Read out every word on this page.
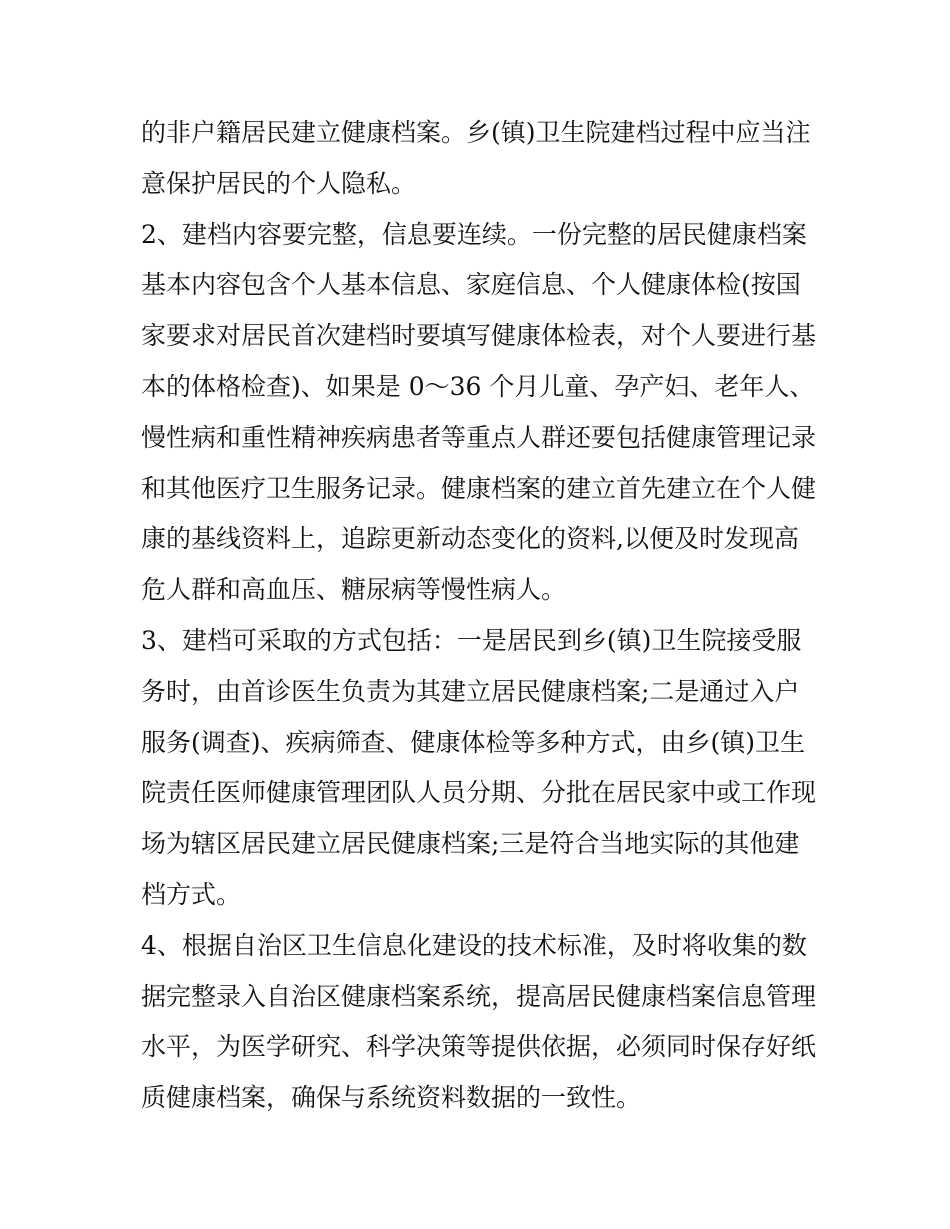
的非户籍居民建立健康档案。乡(镇)卫生院建档过程中应当注
意保护居民的个人隐私。
2、建档内容要完整，信息要连续。一份完整的居民健康档案
基本内容包含个人基本信息、家庭信息、个人健康体检(按国
家要求对居民首次建档时要填写健康体检表，对个人要进行基
本的体格检查)、如果是 0～36 个月儿童、孕产妇、老年人、
慢性病和重性精神疾病患者等重点人群还要包括健康管理记录
和其他医疗卫生服务记录。健康档案的建立首先建立在个人健
康的基线资料上，追踪更新动态变化的资料,以便及时发现高
危人群和高血压、糖尿病等慢性病人。
3、建档可采取的方式包括：一是居民到乡(镇)卫生院接受服
务时，由首诊医生负责为其建立居民健康档案;二是通过入户
服务(调查)、疾病筛查、健康体检等多种方式，由乡(镇)卫生
院责任医师健康管理团队人员分期、分批在居民家中或工作现
场为辖区居民建立居民健康档案;三是符合当地实际的其他建
档方式。
4、根据自治区卫生信息化建设的技术标准，及时将收集的数
据完整录入自治区健康档案系统，提高居民健康档案信息管理
水平，为医学研究、科学决策等提供依据，必须同时保存好纸
质健康档案，确保与系统资料数据的一致性。
